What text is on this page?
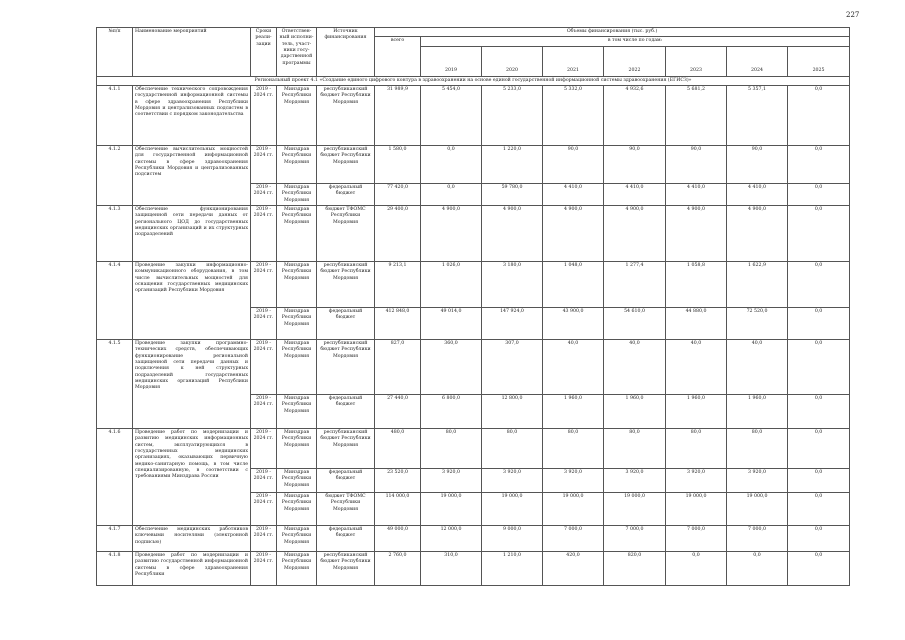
227
№п/п	Наименование мероприятий	Сроки реали-зации	Ответствен-ный исполни-тель, участ-ники госу-дарственной программы	Источник финансирования	Объемы финансирования (тыс. руб.)							
					всего	в том числе по годам:						
						2019	2020	2021	2022	2023	2024	2025
Региональный проект 4.1 «Создание единого цифрового контура в здравоохранении на основе единой государственной информационной системы здравоохранения (ЕГИСЗ)»												
4.1.1	Обеспечение технического сопровождения государственной информационной системы в сфере здравоохранения Республики Мордовия и централизованных подсистем в соответствии с порядком законодательства	2019 - 2024 гг.	Минздрав Республики Мордовия	республиканский бюджет Республики Мордовия	31 989,9	5 454,0	5 233,0	5 332,0	4 932,6	5 681,2	5 357,1	0,0
4.1.2	Обеспечение вычислительных мощностей для государственной информационной системы в сфере здравоохранения Республики Мордовия и централизованных подсистем	2019 - 2024 гг.	Минздрав Республики Мордовия	республиканский бюджет Республики Мордовия	1 580,0	0,0	1 220,0	90,0	90,0	90,0	90,0	0,0
		2019 - 2024 гг.	Минздрав Республики Мордовия	федеральный бюджет	77 420,0	0,0	59 780,0	4 410,0	4 410,0	4 410,0	4 410,0	0,0
4.1.3	Обеспечение функционирования защищенной сети передачи данных от регионального ЦОД до государственных медицинских организаций и их структурных подразделений	2019 - 2024 гг.	Минздрав Республики Мордовия	бюджет ТФОМС Республики Мордовия	29 400,0	4 900,0	4 900,0	4 900,0	4 900,0	4 900,0	4 900,0	0,0
4.1.4	Проведение закупки информационно-коммуникационного оборудования, в том числе вычислительных мощностей для оснащения государственных медицинских организаций Республики Мордовия	2019 - 2024 гг.	Минздрав Республики Мордовия	республиканский бюджет Республики Мордовия	9 213,1	1 026,0	3 180,0	1 048,0	1 277,4	1 058,8	1 622,9	0,0
		2019 - 2024 гг.	Минздрав Республики Мордовия	федеральный бюджет	412 848,0	49 014,0	147 924,0	43 900,0	54 610,0	44 880,0	72 520,0	0,0
4.1.5	Проведение закупки программно-технических средств, обеспечивающих функционирование региональной защищенной сети передачи данных и подключения к ней структурных подразделений государственных медицинских организаций Республики Мордовия	2019 - 2024 гг.	Минздрав Республики Мордовия	республиканский бюджет Республики Мордовия	827,0	360,0	307,0	40,0	40,0	40,0	40,0	0,0
		2019 - 2024 гг.	Минздрав Республики Мордовия	федеральный бюджет	27 440,0	6 800,0	12 800,0	1 960,0	1 960,0	1 960,0	1 960,0	0,0
4.1.6	Проведение работ по модернизации и развитию медицинских информационных систем, эксплуатирующихся в государственных медицинских организациях, оказывающих первичную медико-санитарную помощь, в том числе специализированную, в соответствии с требованиями Минздрава России	2019 - 2024 гг.	Минздрав Республики Мордовия	республиканский бюджет Республики Мордовия	480,0	80,0	80,0	80,0	80,0	80,0	80,0	0,0
		2019 - 2024 гг.	Минздрав Республики Мордовия	федеральный бюджет	23 520,0	3 920,0	3 920,0	3 920,0	3 920,0	3 920,0	3 920,0	0,0
		2019 - 2024 гг.	Минздрав Республики Мордовия	бюджет ТФОМС Республики Мордовия	114 000,0	19 000,0	19 000,0	19 000,0	19 000,0	19 000,0	19 000,0	0,0
4.1.7	Обеспечение медицинских работников ключевыми носителями (электронной подписью)	2019 - 2024 гг.	Минздрав Республики Мордовия	федеральный бюджет	49 000,0	12 000,0	9 000,0	7 000,0	7 000,0	7 000,0	7 000,0	0,0
4.1.8	Проведение работ по модернизации и развитию государственной информационной системы в сфере здравоохранения Республики	2019 - 2024 гг.	Минздрав Республики Мордовия	республиканский бюджет Республики Мордовия	2 760,0	310,0	1 210,0	420,0	820,0	0,0	0,0	0,0
